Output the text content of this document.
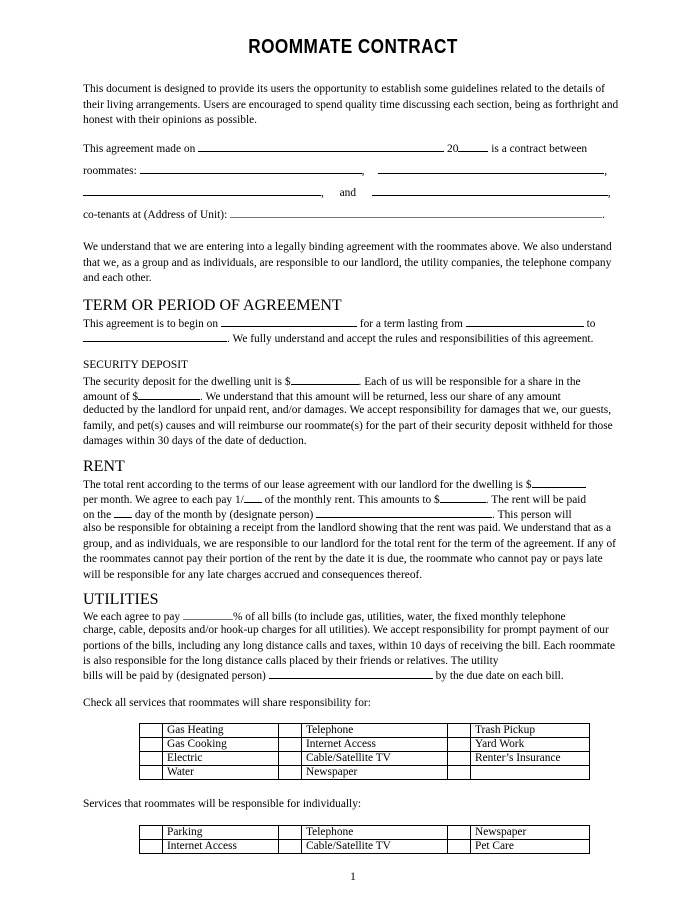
ROOMMATE CONTRACT

This document is designed to provide its users the opportunity to establish some guidelines related to the details of their living arrangements. Users are encouraged to spend quality time discussing each section, being as forthright and honest with their opinions as possible.

This agreement made on	20	is a contract between
roommates:	,	,
,  and	,
co-tenants at (Address of Unit):	.

We understand that we are entering into a legally binding agreement with the roommates above. We also understand that we, as a group and as individuals, are responsible to our landlord, the utility companies, the telephone company and each other.

TERM OR PERIOD OF AGREEMENT
This agreement is to begin on	for a term lasting from	to
. We fully understand and accept the rules and responsibilities of this agreement.
SECURITY DEPOSIT
The security deposit for the dwelling unit is $	. Each of us will be responsible for a share in the
amount of $	. We understand that this amount will be returned, less our share of any amount

deducted by the landlord for unpaid rent, and/or damages. We accept responsibility for damages that we, our guests, family, and pet(s) causes and will reimburse our roommate(s) for the part of their security deposit withheld for those damages within 30 days of the date of deduction.

RENT
The total rent according to the terms of our lease agreement with our landlord for the dwelling is $
per month. We agree to each pay 1/ of the monthly rent. This amounts to $	. The rent will be paid
on the day of the month by (designate person)	. This person will

also be responsible for obtaining a receipt from the landlord showing that the rent was paid. We understand that as a group, and as individuals, we are responsible to our landlord for the total rent for the term of the agreement. If any of the roommates cannot pay their portion of the rent by the date it is due, the roommate who cannot pay or pays late will be responsible for any late charges accrued and consequences thereof.

UTILITIES
We each agree to pay	% of all bills (to include gas, utilities, water, the fixed monthly telephone

charge, cable, deposits and/or hook-up charges for all utilities). We accept responsibility for prompt payment of our portions of the bills, including any long distance calls and taxes, within 10 days of receiving the bill. Each roommate is also responsible for the long distance calls placed by their friends or relatives. The utility

bills will be paid by (designated person)	by the due date on each bill.
Check all services that roommates will share responsibility for:
	Gas Heating		Telephone		Trash Pickup
	Gas Cooking		Internet Access		Yard Work
	Electric		Cable/Satellite TV		Renter’s Insurance
	Water		Newspaper		
Services that roommates will be responsible for individually:
	Parking		Telephone		Newspaper
	Internet Access		Cable/Satellite TV		Pet Care
1
